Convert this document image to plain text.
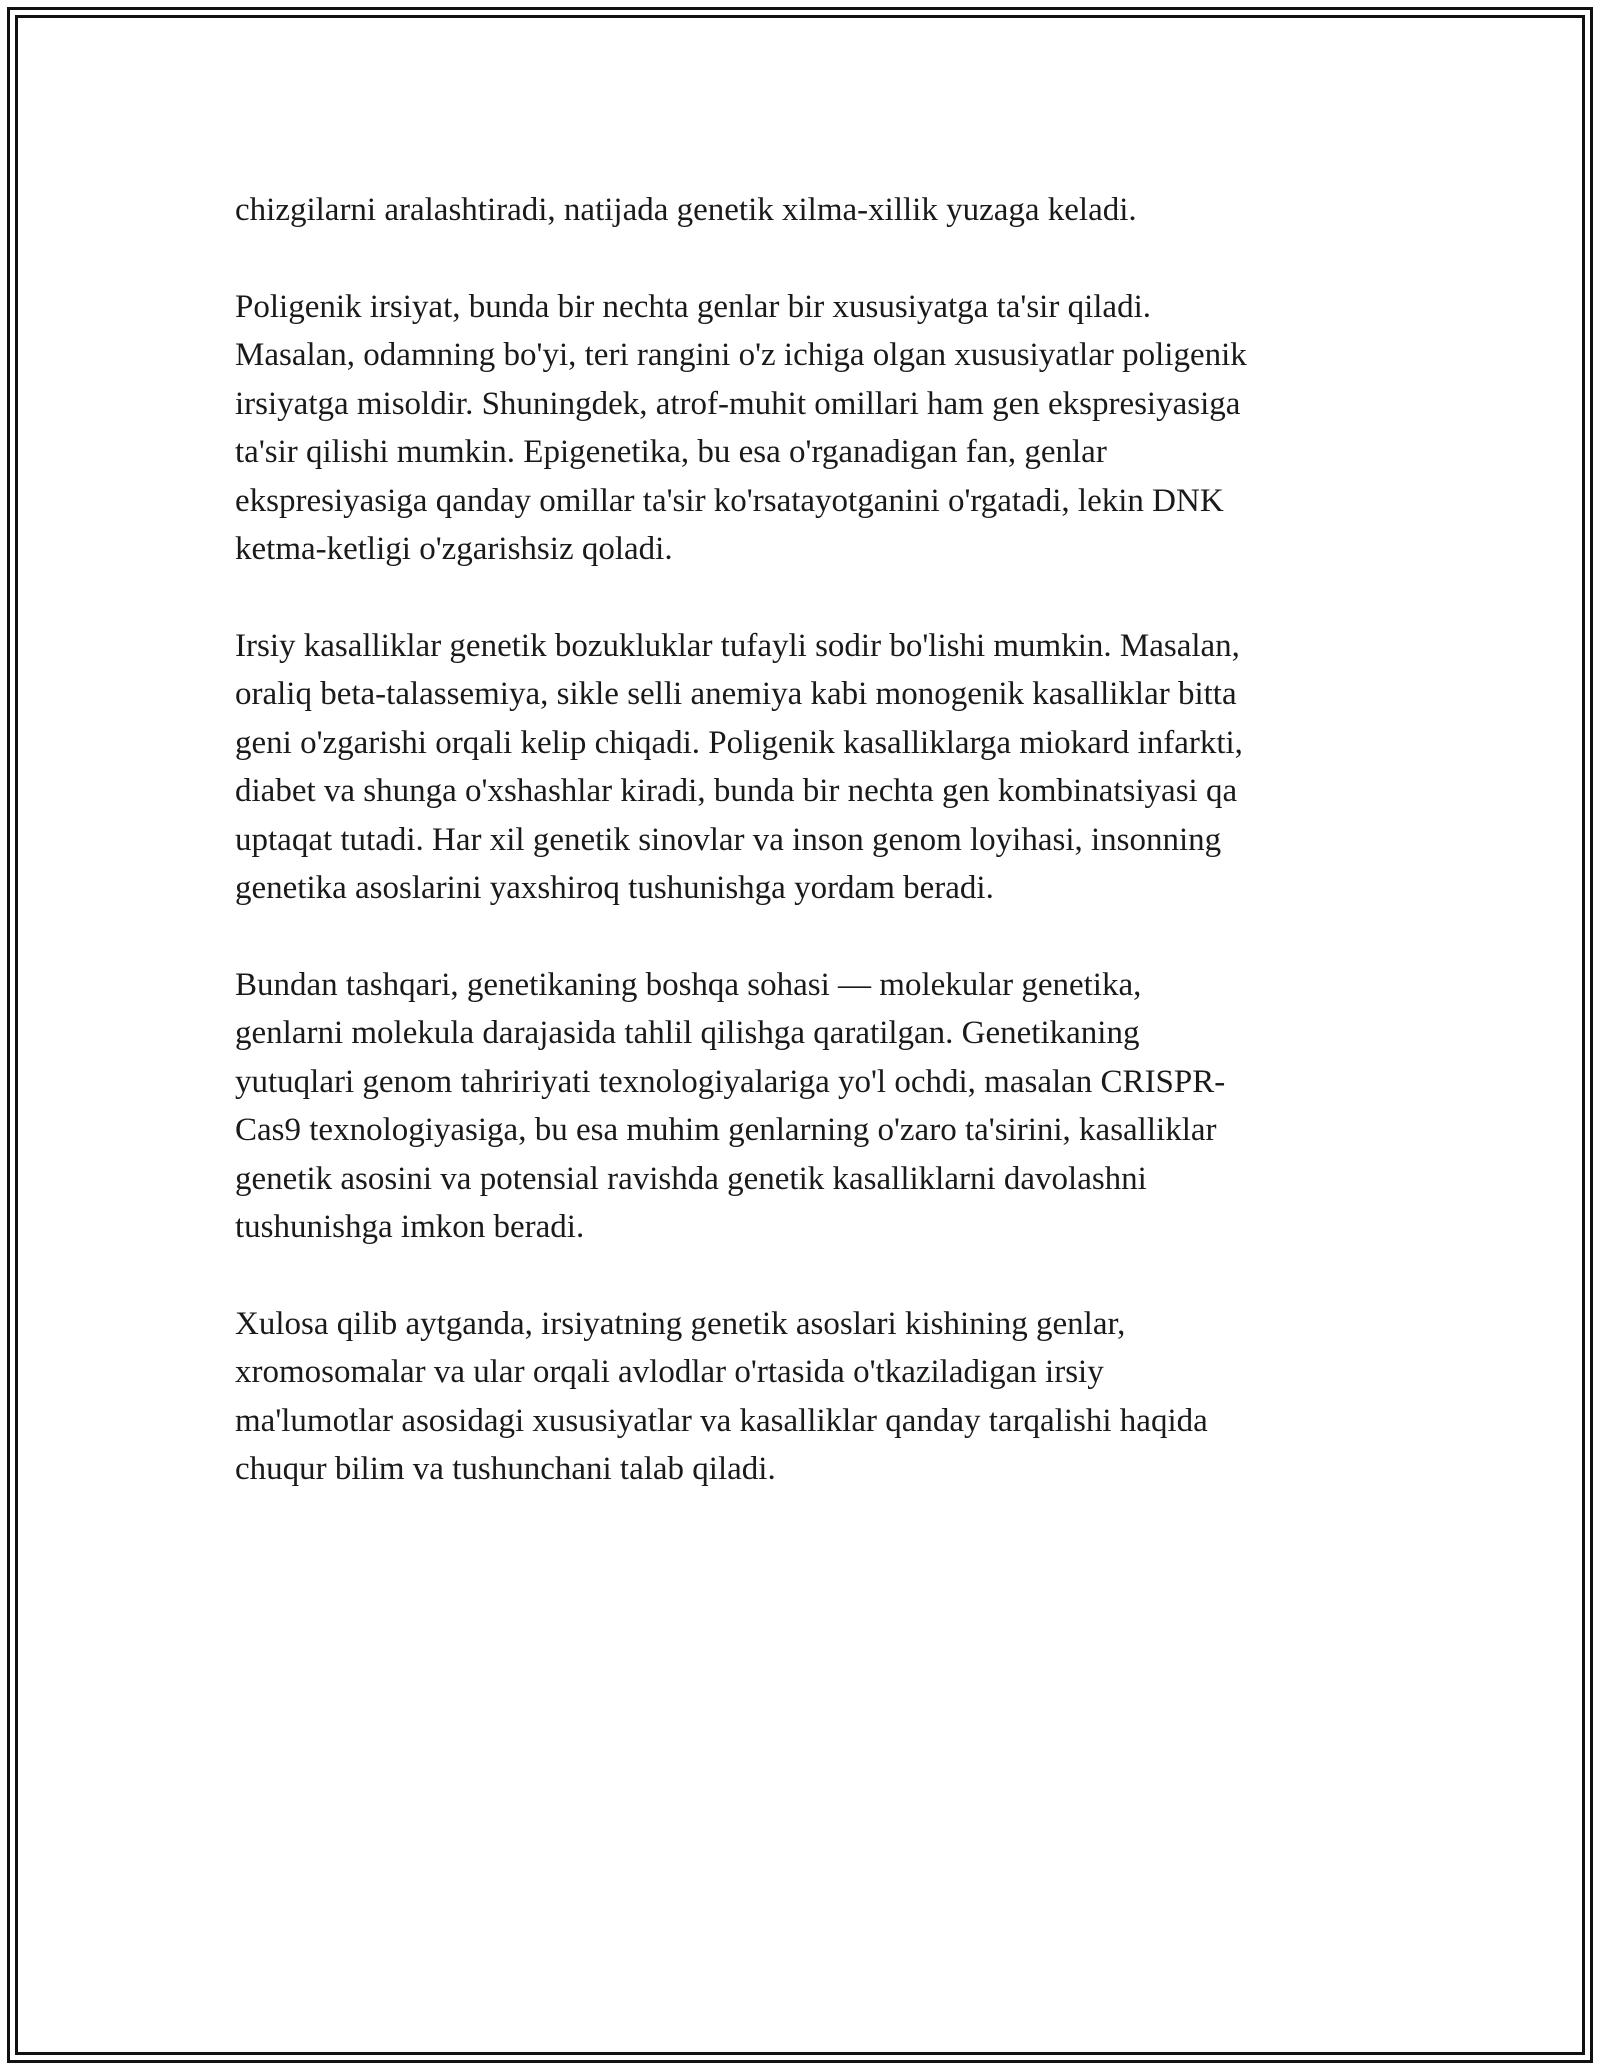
chizgilarni aralashtiradi, natijada genetik xilma-xillik yuzaga keladi.

Poligenik irsiyat, bunda bir nechta genlar bir xususiyatga ta'sir qiladi.
Masalan, odamning bo'yi, teri rangini o'z ichiga olgan xususiyatlar poligenik
irsiyatga misoldir. Shuningdek, atrof-muhit omillari ham gen ekspresiyasiga
ta'sir qilishi mumkin. Epigenetika, bu esa o'rganadigan fan, genlar
ekspresiyasiga qanday omillar ta'sir ko'rsatayotganini o'rgatadi, lekin DNK
ketma-ketligi o'zgarishsiz qoladi.

Irsiy kasalliklar genetik bozukluklar tufayli sodir bo'lishi mumkin. Masalan,
oraliq beta-talassemiya, sikle selli anemiya kabi monogenik kasalliklar bitta
geni o'zgarishi orqali kelip chiqadi. Poligenik kasalliklarga miokard infarkti,
diabet va shunga o'xshashlar kiradi, bunda bir nechta gen kombinatsiyasi qa
uptaqat tutadi. Har xil genetik sinovlar va inson genom loyihasi, insonning
genetika asoslarini yaxshiroq tushunishga yordam beradi.

Bundan tashqari, genetikaning boshqa sohasi — molekular genetika,
genlarni molekula darajasida tahlil qilishga qaratilgan. Genetikaning
yutuqlari genom tahririyati texnologiyalariga yo'l ochdi, masalan CRISPR-
Cas9 texnologiyasiga, bu esa muhim genlarning o'zaro ta'sirini, kasalliklar
genetik asosini va potensial ravishda genetik kasalliklarni davolashni
tushunishga imkon beradi.

Xulosa qilib aytganda, irsiyatning genetik asoslari kishining genlar,
xromosomalar va ular orqali avlodlar o'rtasida o'tkaziladigan irsiy
ma'lumotlar asosidagi xususiyatlar va kasalliklar qanday tarqalishi haqida
chuqur bilim va tushunchani talab qiladi.
